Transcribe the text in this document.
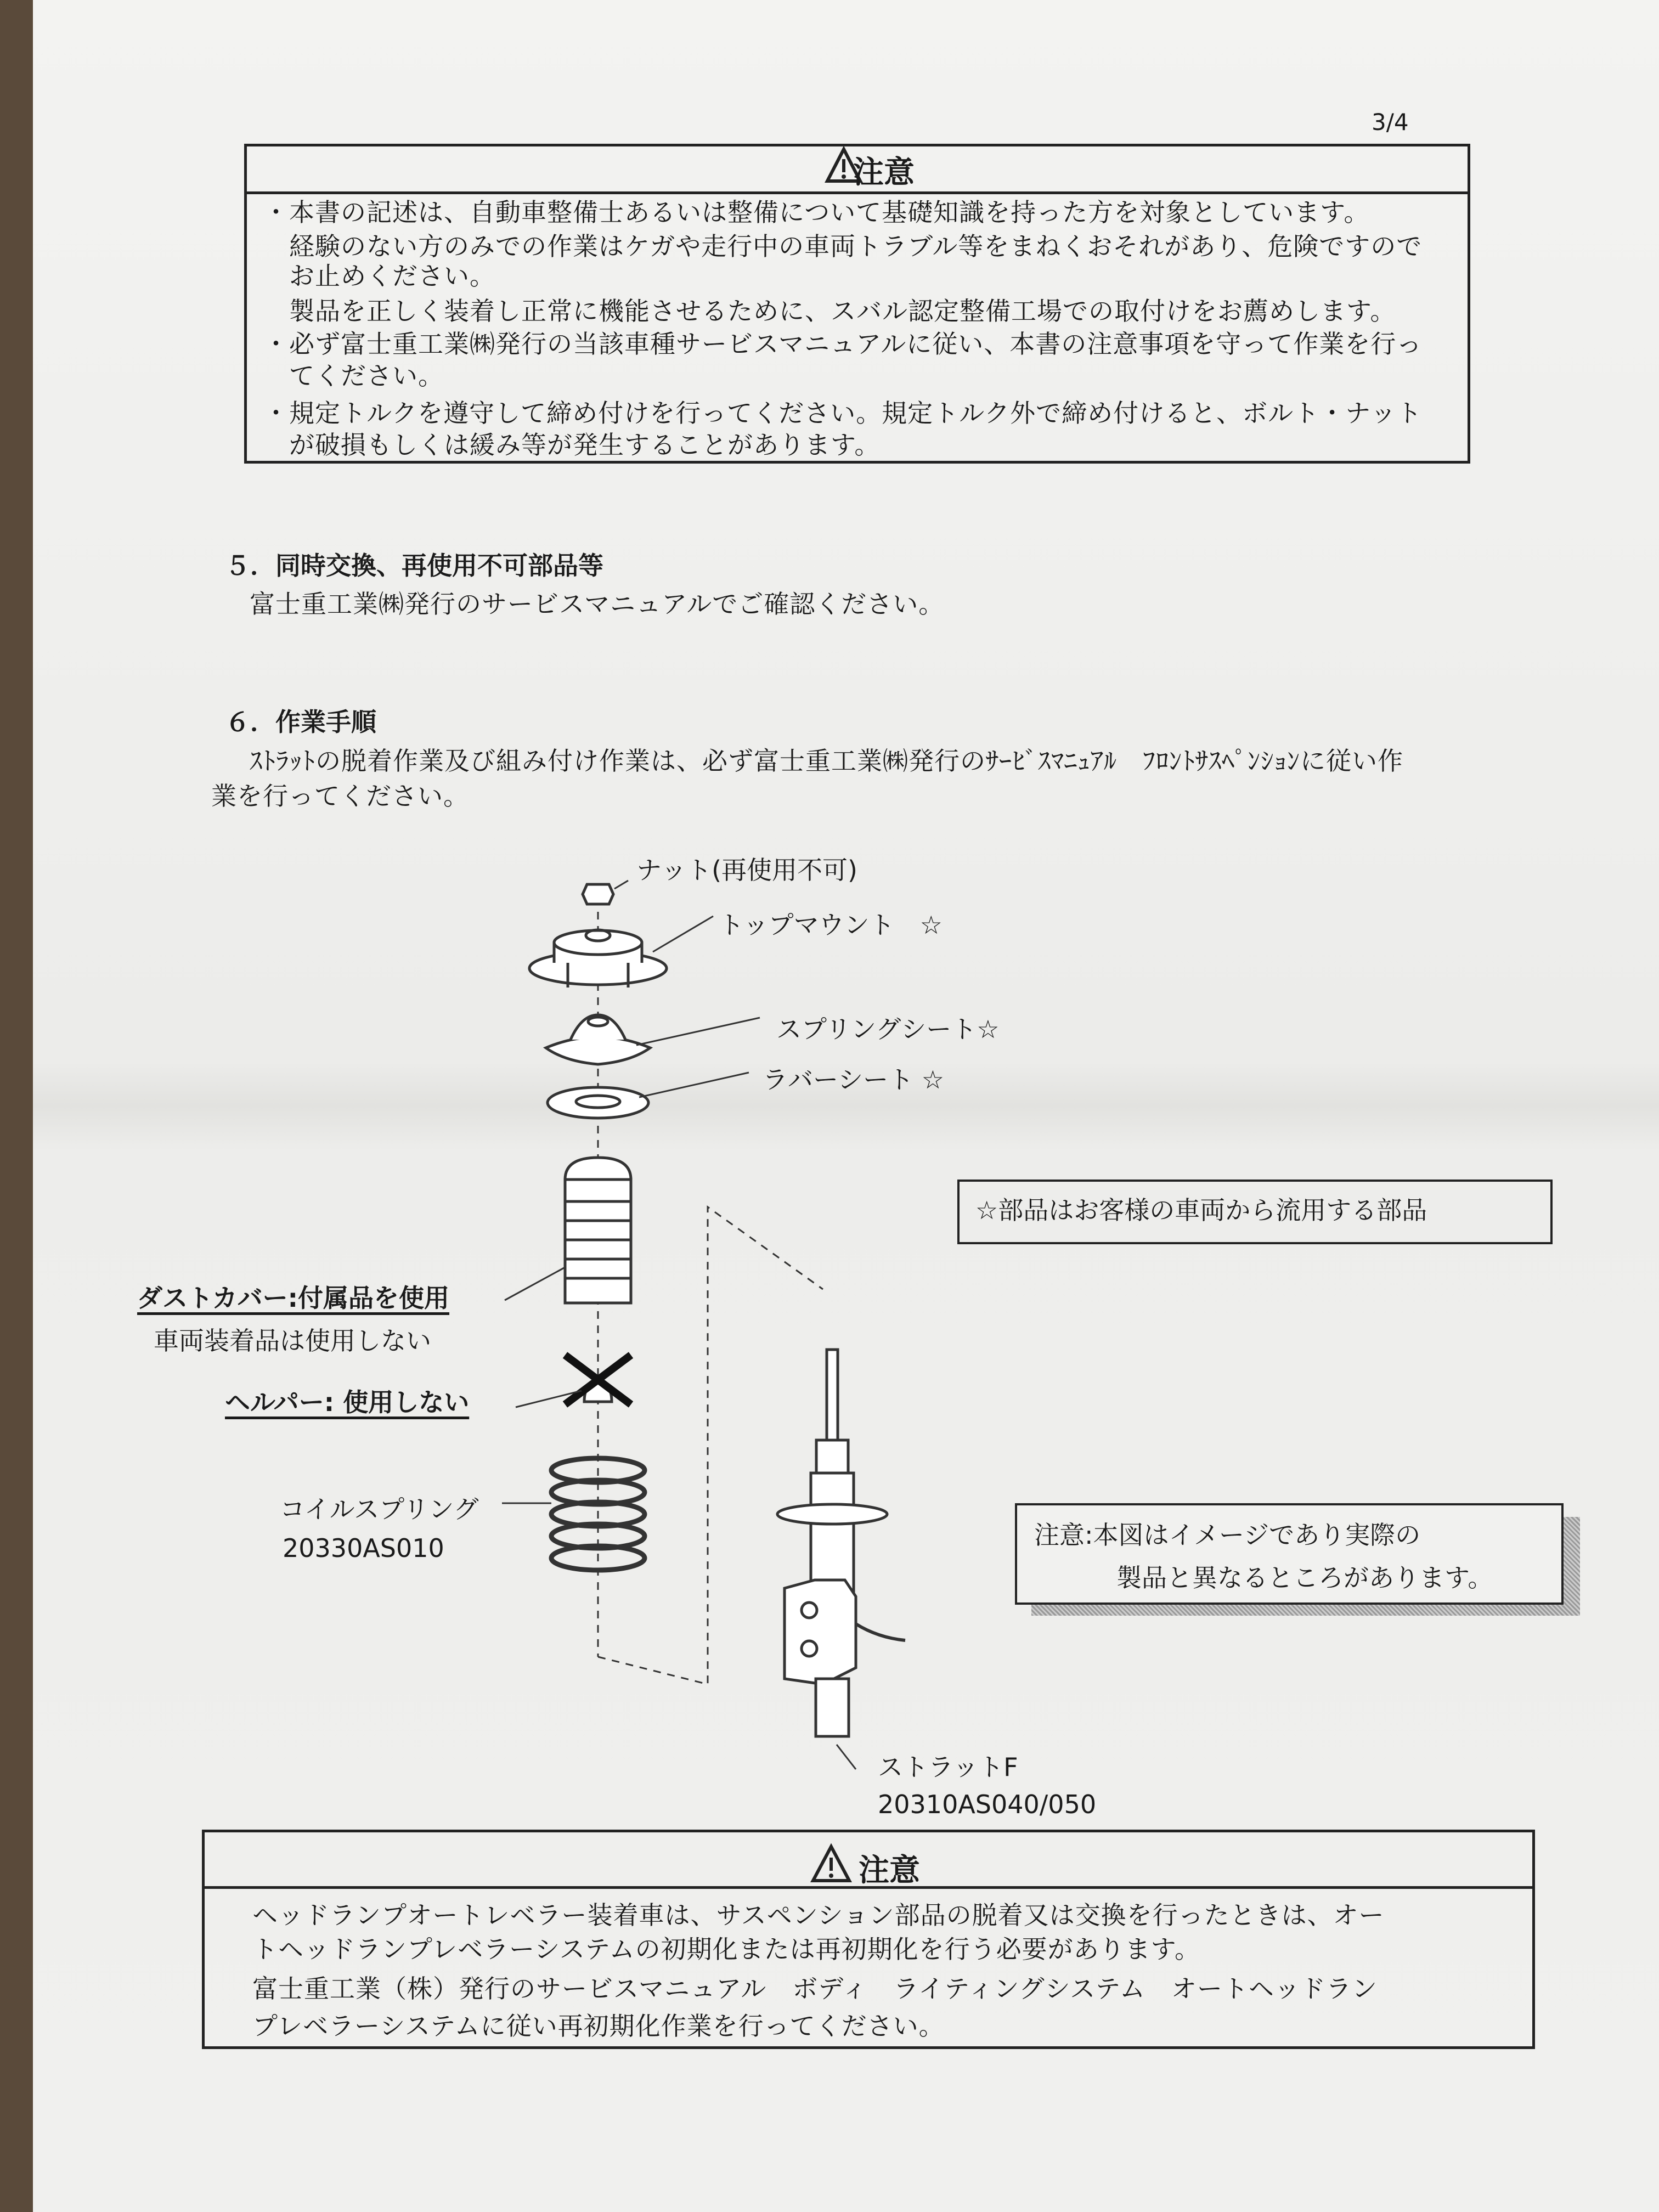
3/4
注意
・本書の記述は、自動車整備士あるいは整備について基礎知識を持った方を対象としています。
　経験のない方のみでの作業はケガや走行中の車両トラブル等をまねくおそれがあり、危険ですので
　お止めください。
　製品を正しく装着し正常に機能させるために、スバル認定整備工場での取付けをお薦めします。
・必ず富士重工業㈱発行の当該車種サービスマニュアルに従い、本書の注意事項を守って作業を行っ
　てください。
・規定トルクを遵守して締め付けを行ってください。規定トルク外で締め付けると、ボルト・ナット
　が破損もしくは緩み等が発生することがあります。
５．同時交換、再使用不可部品等
富士重工業㈱発行のサービスマニュアルでご確認ください。
６．作業手順
ｽﾄﾗｯﾄの脱着作業及び組み付け作業は、必ず富士重工業㈱発行のｻｰﾋﾞｽﾏﾆｭｱﾙ　ﾌﾛﾝﾄｻｽﾍﾟﾝｼｮﾝに従い作
業を行ってください。
ナット(再使用不可)
トップマウント　☆
スプリングシート☆
ラバーシート ☆
ダストカバー:付属品を使用
車両装着品は使用しない
ヘルパー: 使用しない
コイルスプリング
20330AS010
ストラットF
20310AS040/050
☆部品はお客様の車両から流用する部品
注意:本図はイメージであり実際の
製品と異なるところがあります。
注意
ヘッドランプオートレベラー装着車は、サスペンション部品の脱着又は交換を行ったときは、オー
トヘッドランプレベラーシステムの初期化または再初期化を行う必要があります。
富士重工業（株）発行のサービスマニュアル　ボディ　ライティングシステム　オートヘッドラン
プレベラーシステムに従い再初期化作業を行ってください。
